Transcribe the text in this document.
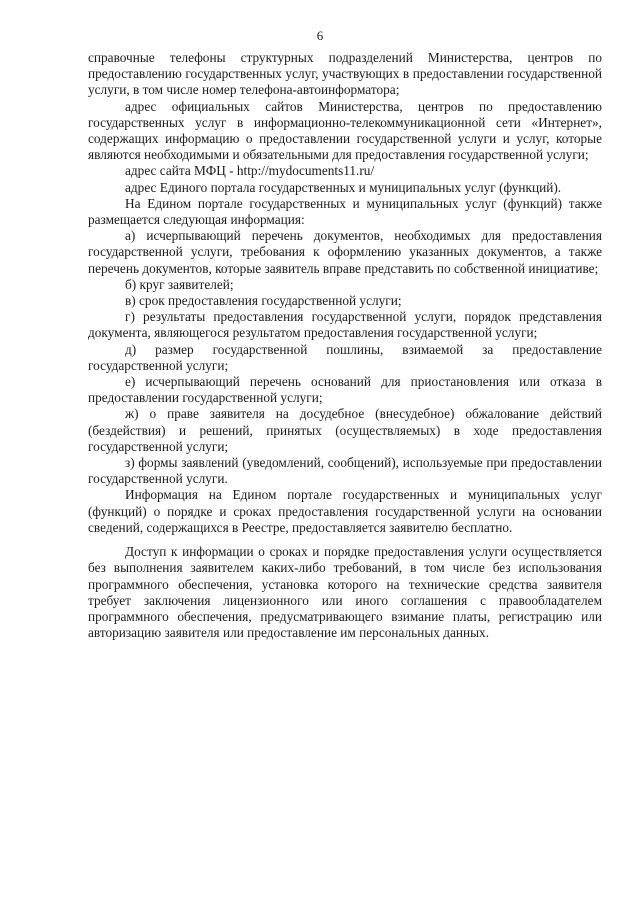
6

справочные телефоны структурных подразделений Министерства, центров по предоставлению государственных услуг, участвующих в предоставлении государственной услуги, в том числе номер телефона-автоинформатора;

адрес официальных сайтов Министерства, центров по предоставлению государственных услуг в информационно-телекоммуникационной сети «Интернет», содержащих информацию о предоставлении государственной услуги и услуг, которые являются необходимыми и обязательными для предоставления государственной услуги;

адрес сайта МФЦ - http://mydocuments11.ru/

адрес Единого портала государственных и муниципальных услуг (функций).

На Едином портале государственных и муниципальных услуг (функций) также размещается следующая информация:

а) исчерпывающий перечень документов, необходимых для предоставления государственной услуги, требования к оформлению указанных документов, а также перечень документов, которые заявитель вправе представить по собственной инициативе;

б) круг заявителей;

в) срок предоставления государственной услуги;

г) результаты предоставления государственной услуги, порядок представления документа, являющегося результатом предоставления государственной услуги;

д) размер государственной пошлины, взимаемой за предоставление государственной услуги;

е) исчерпывающий перечень оснований для приостановления или отказа в предоставлении государственной услуги;

ж) о праве заявителя на досудебное (внесудебное) обжалование действий (бездействия) и решений, принятых (осуществляемых) в ходе предоставления государственной услуги;

з) формы заявлений (уведомлений, сообщений), используемые при предоставлении государственной услуги.

Информация на Едином портале государственных и муниципальных услуг (функций) о порядке и сроках предоставления государственной услуги на основании сведений, содержащихся в Реестре, предоставляется заявителю бесплатно.

Доступ к информации о сроках и порядке предоставления услуги осуществляется без выполнения заявителем каких-либо требований, в том числе без использования программного обеспечения, установка которого на технические средства заявителя требует заключения лицензионного или иного соглашения с правообладателем программного обеспечения, предусматривающего взимание платы, регистрацию или авторизацию заявителя или предоставление им персональных данных.
